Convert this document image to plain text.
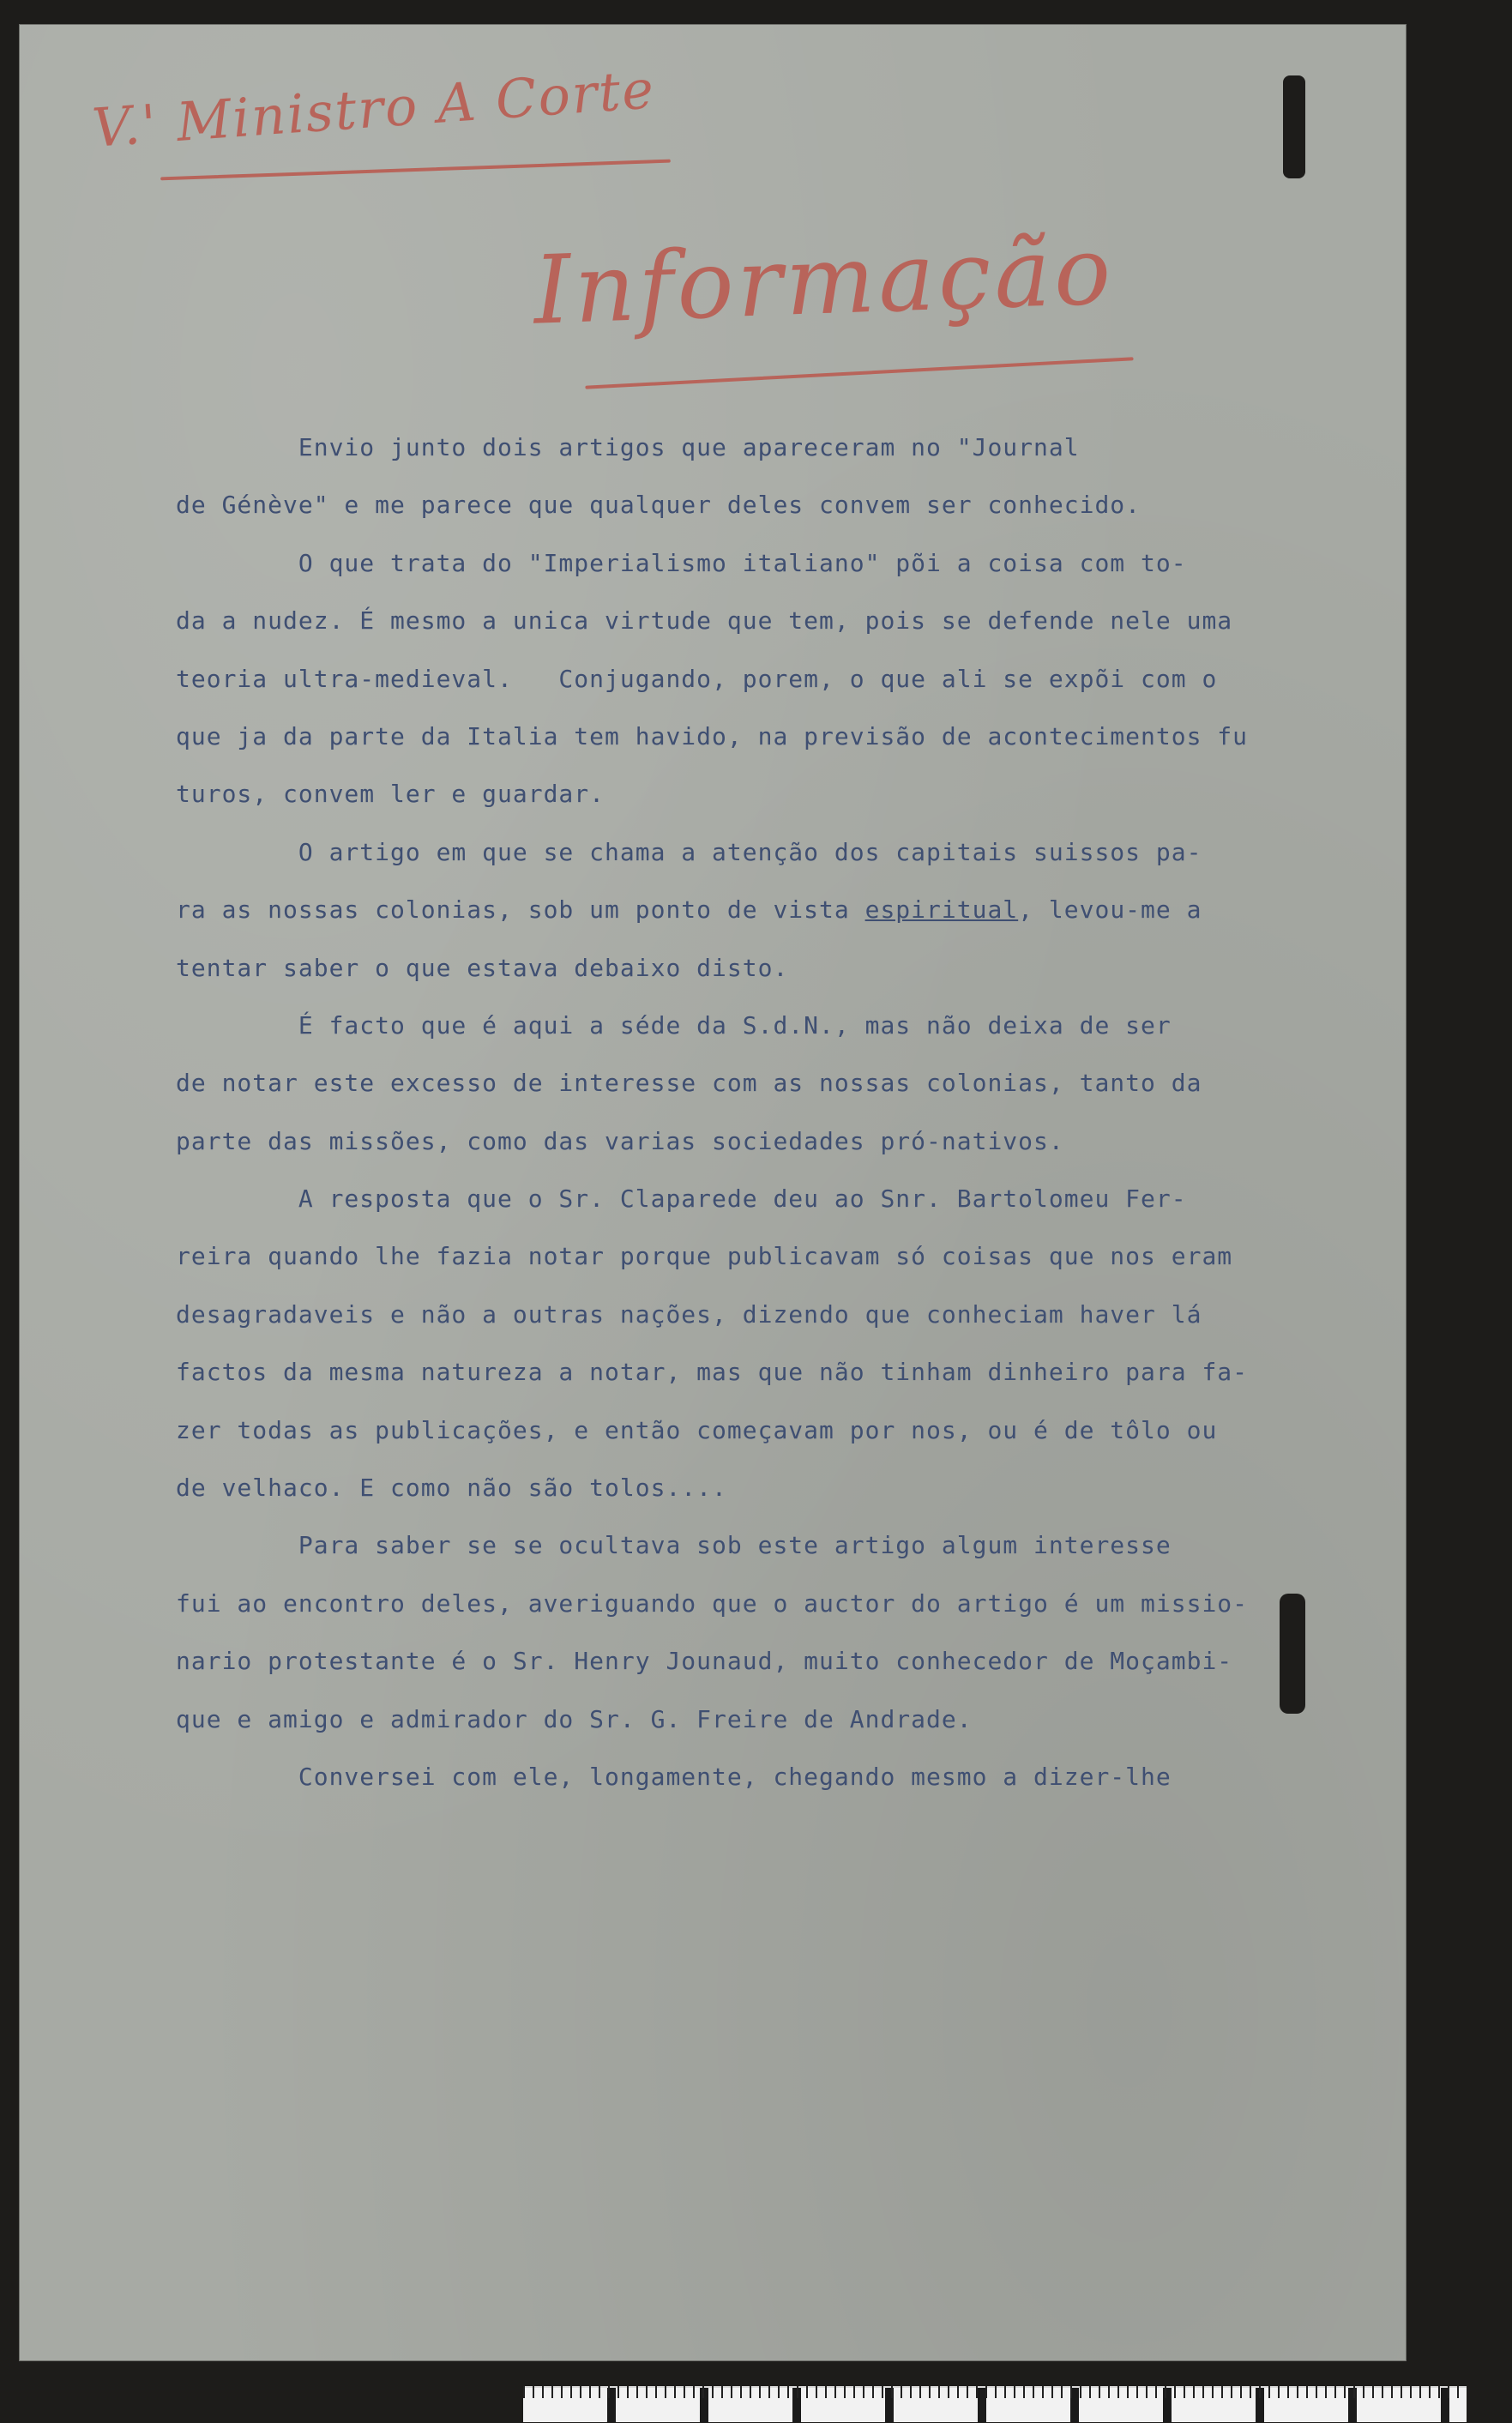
V.' Ministro A Corte
Informação
Envio junto dois artigos que apareceram no "Journal
de Génève" e me parece que qualquer deles convem ser conhecido.
O que trata do "Imperialismo italiano" põi a coisa com to-
da a nudez. É mesmo a unica virtude que tem, pois se defende nele uma
teoria ultra-medieval.   Conjugando, porem, o que ali se expõi com o
que ja da parte da Italia tem havido, na previsão de acontecimentos fu
turos, convem ler e guardar.
O artigo em que se chama a atenção dos capitais suissos pa-
ra as nossas colonias, sob um ponto de vista espiritual, levou-me a
tentar saber o que estava debaixo disto.
É facto que é aqui a séde da S.d.N., mas não deixa de ser
de notar este excesso de interesse com as nossas colonias, tanto da
parte das missões, como das varias sociedades pró-nativos.
A resposta que o Sr. Claparede deu ao Snr. Bartolomeu Fer-
reira quando lhe fazia notar porque publicavam só coisas que nos eram
desagradaveis e não a outras nações, dizendo que conheciam haver lá
factos da mesma natureza a notar, mas que não tinham dinheiro para fa-
zer todas as publicações, e então começavam por nos, ou é de tôlo ou
de velhaco. E como não são tolos....
Para saber se se ocultava sob este artigo algum interesse
fui ao encontro deles, averiguando que o auctor do artigo é um missio-
nario protestante é o Sr. Henry Jounaud, muito conhecedor de Moçambi-
que e amigo e admirador do Sr. G. Freire de Andrade.
Conversei com ele, longamente, chegando mesmo a dizer-lhe
